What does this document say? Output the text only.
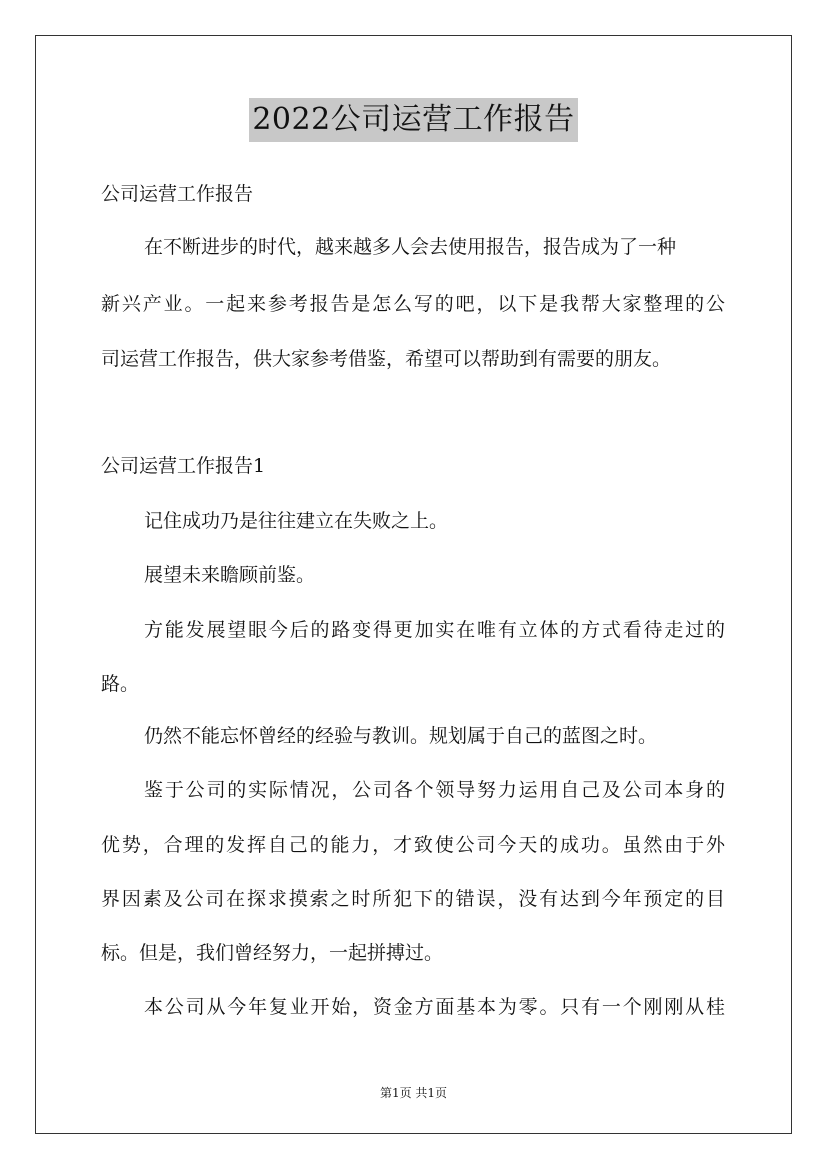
2022公司运营工作报告
公司运营工作报告
在不断进步的时代，越来越多人会去使用报告，报告成为了一种
新兴产业。一起来参考报告是怎么写的吧，以下是我帮大家整理的公
司运营工作报告，供大家参考借鉴，希望可以帮助到有需要的朋友。
公司运营工作报告1
记住成功乃是往往建立在失败之上。
展望未来瞻顾前鉴。
方能发展望眼今后的路变得更加实在唯有立体的方式看待走过的
路。
仍然不能忘怀曾经的经验与教训。规划属于自己的蓝图之时。
鉴于公司的实际情况，公司各个领导努力运用自己及公司本身的
优势，合理的发挥自己的能力，才致使公司今天的成功。虽然由于外
界因素及公司在探求摸索之时所犯下的错误，没有达到今年预定的目
标。但是，我们曾经努力，一起拼搏过。
本公司从今年复业开始，资金方面基本为零。只有一个刚刚从桂
第1页 共1页
